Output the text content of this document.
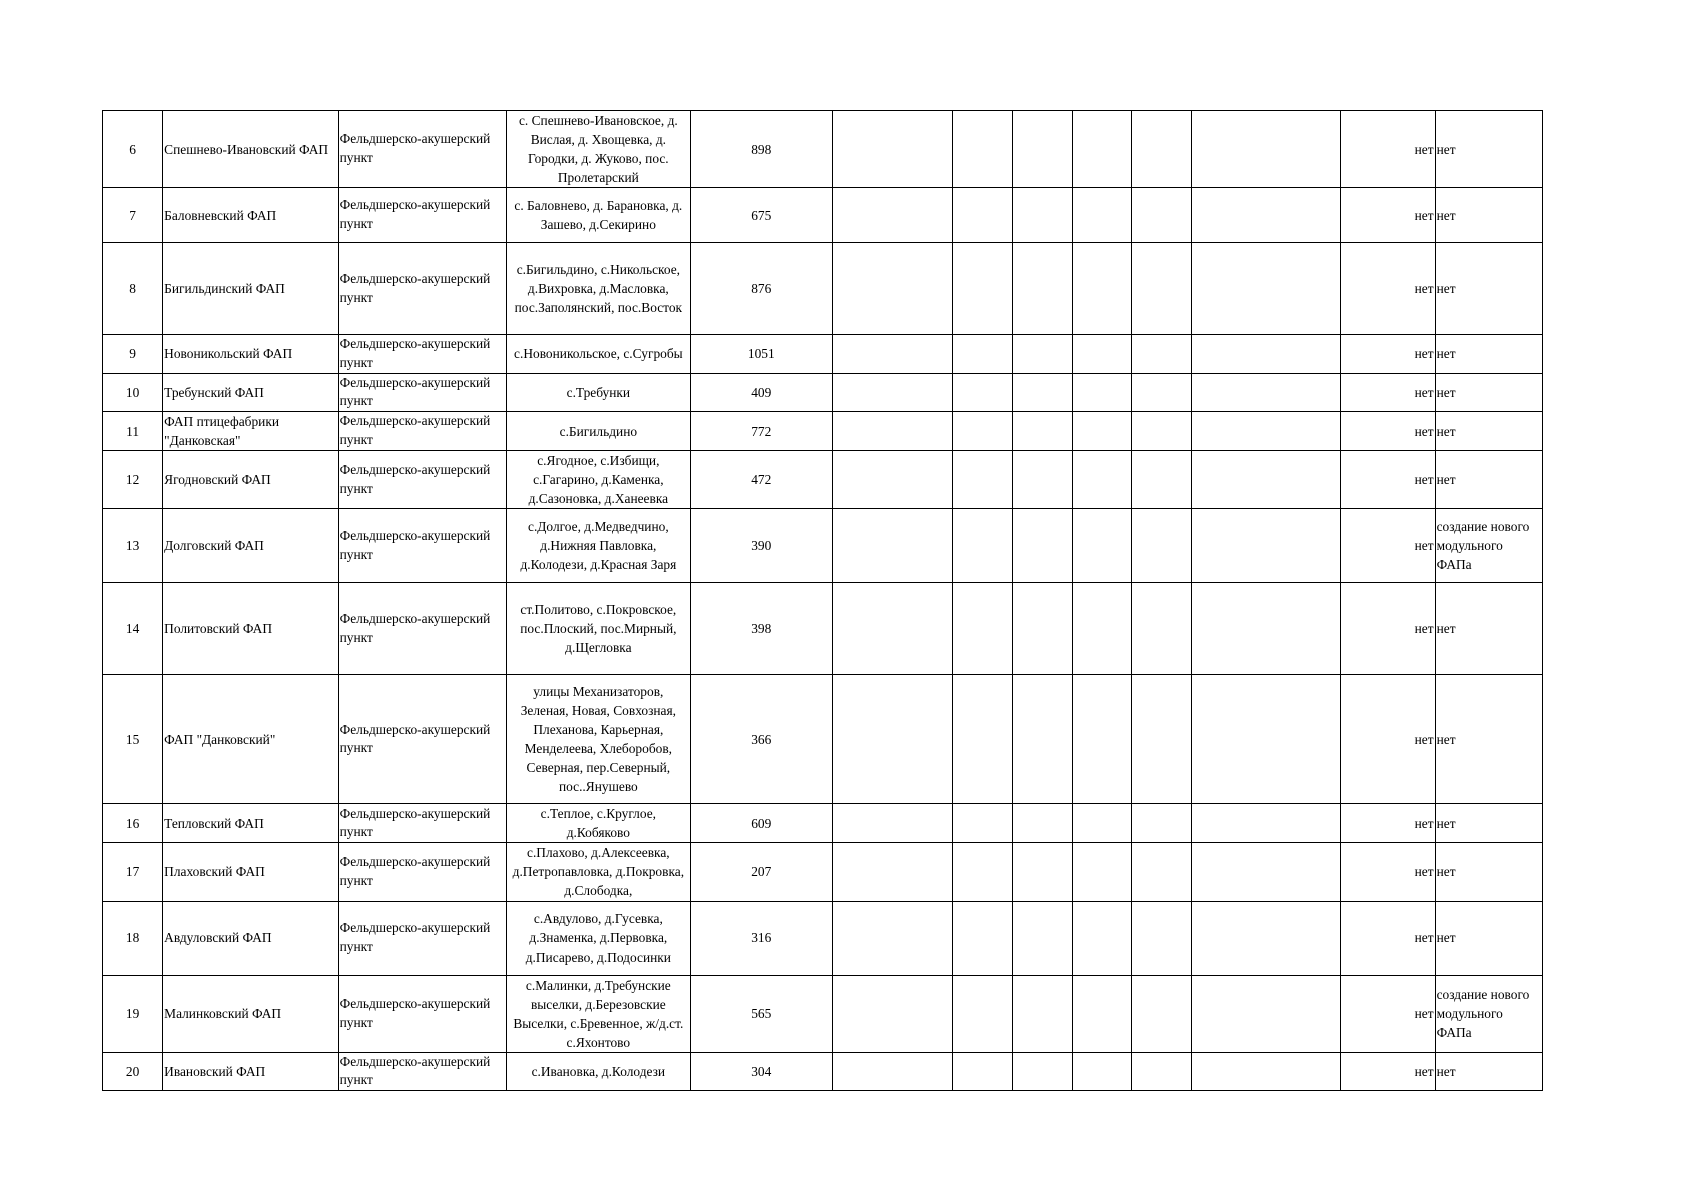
6	Спешнево-Ивановский ФАП	Фельдшерско-акушерский пункт	с. Спешнево-Ивановское, д. Вислая, д. Хвощевка, д. Городки, д. Жуково, пос. Пролетарский	898							нет	нет
7	Баловневский ФАП	Фельдшерско-акушерский пункт	с. Баловнево, д. Барановка, д. Зашево, д.Секирино	675							нет	нет
8	Бигильдинский ФАП	Фельдшерско-акушерский пункт	с.Бигильдино, с.Никольское, д.Вихровка, д.Масловка, пос.Заполянский, пос.Восток	876							нет	нет
9	Новоникольский ФАП	Фельдшерско-акушерский пункт	с.Новоникольское, с.Сугробы	1051							нет	нет
10	Требунский ФАП	Фельдшерско-акушерский пункт	с.Требунки	409							нет	нет
11	ФАП птицефабрики "Данковская"	Фельдшерско-акушерский пункт	с.Бигильдино	772							нет	нет
12	Ягодновский ФАП	Фельдшерско-акушерский пункт	с.Ягодное, с.Избищи, с.Гагарино, д.Каменка, д.Сазоновка, д.Ханеевка	472							нет	нет
13	Долговский ФАП	Фельдшерско-акушерский пункт	с.Долгое, д.Медведчино, д.Нижняя Павловка, д.Колодези, д.Красная Заря	390							нет	создание нового модульного ФАПа
14	Политовский ФАП	Фельдшерско-акушерский пункт	ст.Политово, с.Покровское, пос.Плоский, пос.Мирный, д.Щегловка	398							нет	нет
15	ФАП "Данковский"	Фельдшерско-акушерский пункт	улицы Механизаторов, Зеленая, Новая, Совхозная, Плеханова, Карьерная, Менделеева, Хлеборобов, Северная, пер.Северный, пос..Янушево	366							нет	нет
16	Тепловский ФАП	Фельдшерско-акушерский пункт	с.Теплое, с.Круглое, д.Кобяково	609							нет	нет
17	Плаховский ФАП	Фельдшерско-акушерский пункт	с.Плахово, д.Алексеевка, д.Петропавловка, д.Покровка, д.Слободка,	207							нет	нет
18	Авдуловский ФАП	Фельдшерско-акушерский пункт	с.Авдулово, д.Гусевка, д.Знаменка, д.Первовка, д.Писарево, д.Подосинки	316							нет	нет
19	Малинковский ФАП	Фельдшерско-акушерский пункт	с.Малинки, д.Требунские выселки, д.Березовские Выселки, с.Бревенное, ж/д.ст. с.Яхонтово	565							нет	создание нового модульного ФАПа
20	Ивановский ФАП	Фельдшерско-акушерский пункт	с.Ивановка, д.Колодези	304							нет	нет
